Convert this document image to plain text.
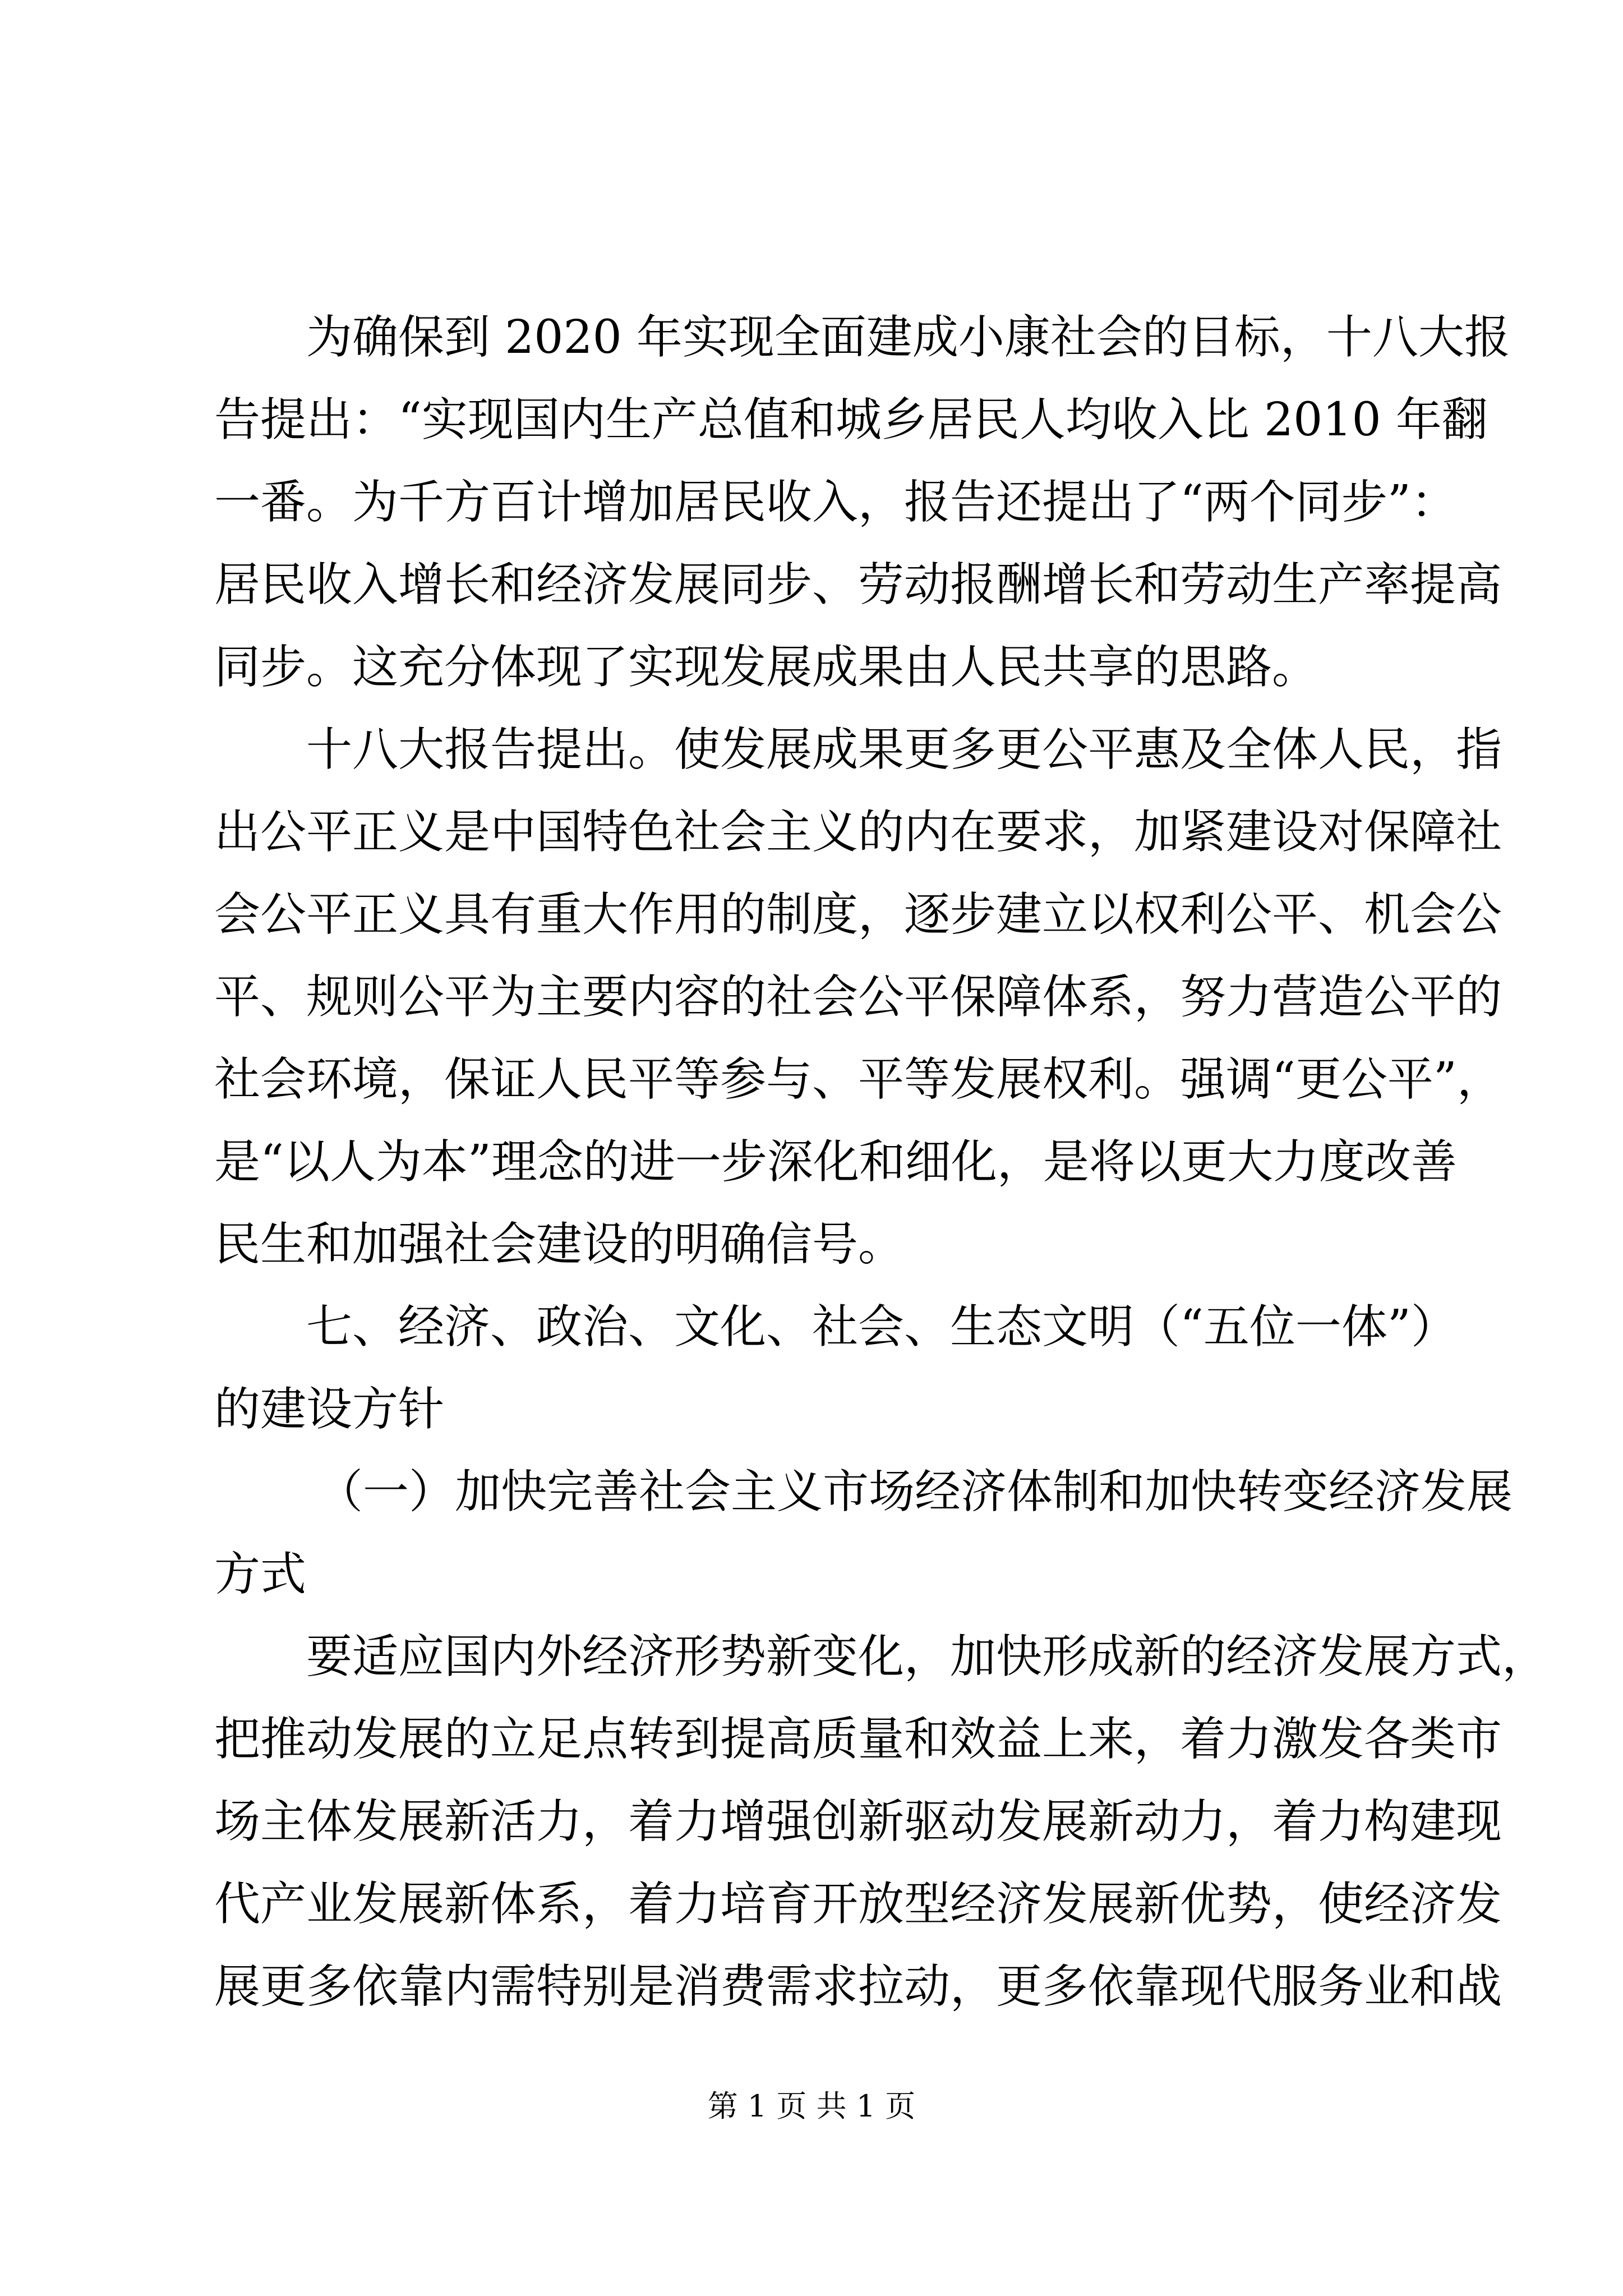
为确保到 2020 年实现全面建成小康社会的目标，十八大报

告提出：“实现国内生产总值和城乡居民人均收入比 2010 年翻

一番。为千方百计增加居民收入，报告还提出了“两个同步”：

居民收入增长和经济发展同步、劳动报酬增长和劳动生产率提高

同步。这充分体现了实现发展成果由人民共享的思路。

十八大报告提出。使发展成果更多更公平惠及全体人民，指

出公平正义是中国特色社会主义的内在要求，加紧建设对保障社

会公平正义具有重大作用的制度，逐步建立以权利公平、机会公

平、规则公平为主要内容的社会公平保障体系，努力营造公平的

社会环境，保证人民平等参与、平等发展权利。强调“更公平”，

是“以人为本”理念的进一步深化和细化，是将以更大力度改善

民生和加强社会建设的明确信号。

七、经济、政治、文化、社会、生态文明（“五位一体”）

的建设方针

（一）加快完善社会主义市场经济体制和加快转变经济发展

方式

要适应国内外经济形势新变化，加快形成新的经济发展方式，

把推动发展的立足点转到提高质量和效益上来，着力激发各类市

场主体发展新活力，着力增强创新驱动发展新动力，着力构建现

代产业发展新体系，着力培育开放型经济发展新优势，使经济发

展更多依靠内需特别是消费需求拉动，更多依靠现代服务业和战

第 1 页 共 1 页
